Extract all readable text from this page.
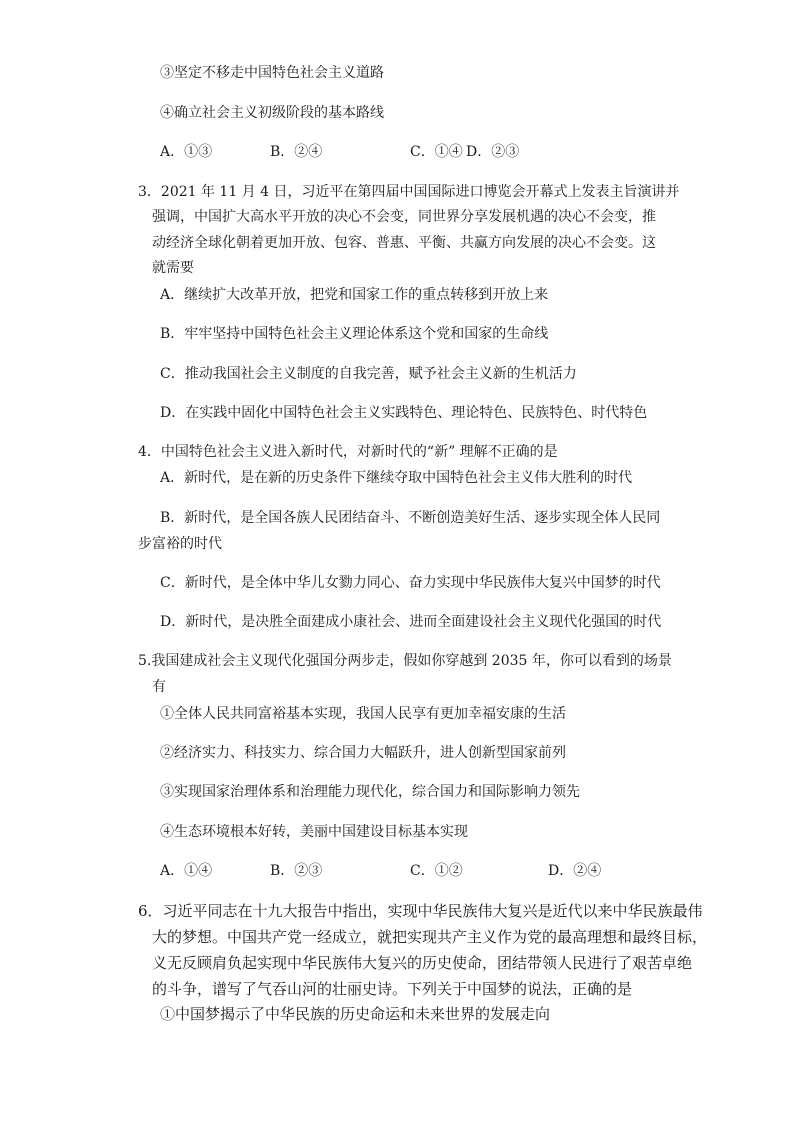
③坚定不移走中国特色社会主义道路
④确立社会主义初级阶段的基本路线
A．①③	B．②④	C．①④ D．②③
3．2021 年 11 月 4 日，习近平在第四届中国国际进口博览会开幕式上发表主旨演讲并
强调，中国扩大高水平开放的决心不会变，同世界分享发展机遇的决心不会变，推
动经济全球化朝着更加开放、包容、普惠、平衡、共赢方向发展的决心不会变。这
就需要
A．继续扩大改革开放，把党和国家工作的重点转移到开放上来
B．牢牢坚持中国特色社会主义理论体系这个党和国家的生命线
C．推动我国社会主义制度的自我完善，赋予社会主义新的生机活力
D．在实践中固化中国特色社会主义实践特色、理论特色、民族特色、时代特色
4．中国特色社会主义进入新时代，对新时代的“新” 理解不正确的是
A．新时代，是在新的历史条件下继续夺取中国特色社会主义伟大胜利的时代
B．新时代，是全国各族人民团结奋斗、不断创造美好生活、逐步实现全体人民同
步富裕的时代
C．新时代，是全体中华儿女勠力同心、奋力实现中华民族伟大复兴中国梦的时代
D．新时代，是决胜全面建成小康社会、进而全面建设社会主义现代化强国的时代
5.我国建成社会主义现代化强国分两步走，假如你穿越到 2035 年，你可以看到的场景
有
①全体人民共同富裕基本实现，我国人民享有更加幸福安康的生活
②经济实力、科技实力、综合国力大幅跃升，进人创新型国家前列
③实现国家治理体系和治理能力现代化，综合国力和国际影响力领先
④生态环境根本好转，美丽中国建设目标基本实现
A．①④	B．②③	C．①②	D．②④
6．习近平同志在十九大报告中指出，实现中华民族伟大复兴是近代以来中华民族最伟
大的梦想。中国共产党一经成立，就把实现共产主义作为党的最高理想和最终目标，
义无反顾肩负起实现中华民族伟大复兴的历史使命，团结带领人民进行了艰苦卓绝
的斗争，谱写了气吞山河的壮丽史诗。下列关于中国梦的说法，正确的是
①中国梦揭示了中华民族的历史命运和未来世界的发展走向
